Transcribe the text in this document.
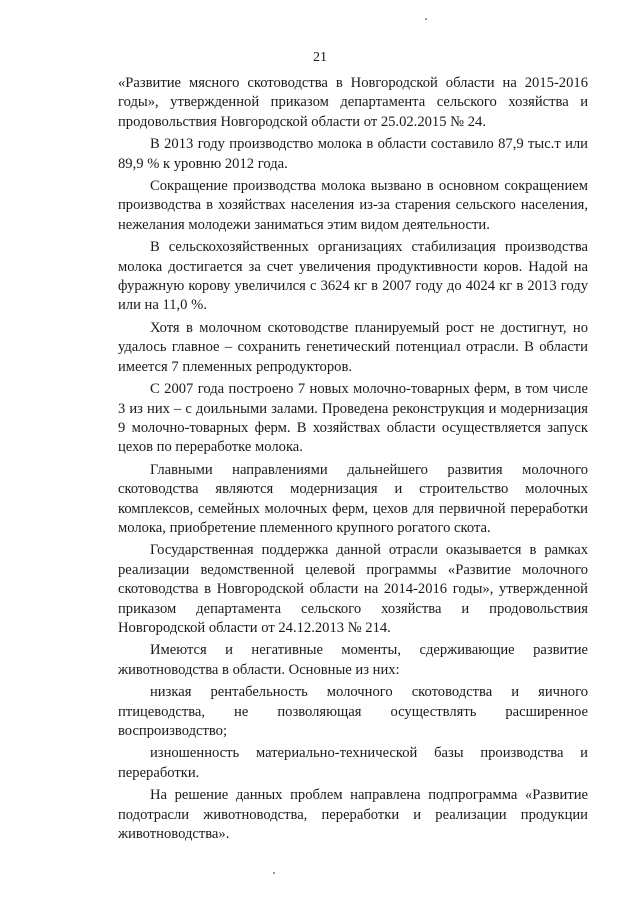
21

«Развитие мясного скотоводства в Новгородской области на 2015-2016 годы», утвержденной приказом департамента сельского хозяйства и продовольствия Новгородской области от 25.02.2015 № 24.

В 2013 году производство молока в области составило 87,9 тыс.т или 89,9 % к уровню 2012 года.

Сокращение производства молока вызвано в основном сокращением производства в хозяйствах населения из-за старения сельского населения, нежелания молодежи заниматься этим видом деятельности.

В сельскохозяйственных организациях стабилизация производства молока достигается за счет увеличения продуктивности коров. Надой на фуражную корову увеличился с 3624 кг в 2007 году до 4024 кг в 2013 году или на 11,0 %.

Хотя в молочном скотоводстве планируемый рост не достигнут, но удалось главное – сохранить генетический потенциал отрасли. В области имеется 7 племенных репродукторов.

С 2007 года построено 7 новых молочно-товарных ферм, в том числе 3 из них – с доильными залами. Проведена реконструкция и модернизация 9 молочно-товарных ферм. В хозяйствах области осуществляется запуск цехов по переработке молока.

Главными направлениями дальнейшего развития молочного скотоводства являются модернизация и строительство молочных комплексов, семейных молочных ферм, цехов для первичной переработки молока, приобретение племенного крупного рогатого скота.

Государственная поддержка данной отрасли оказывается в рамках реализации ведомственной целевой программы «Развитие молочного скотоводства в Новгородской области на 2014-2016 годы», утвержденной приказом департамента сельского хозяйства и продовольствия Новгородской области от 24.12.2013 № 214.

Имеются и негативные моменты, сдерживающие развитие животноводства в области. Основные из них:

низкая рентабельность молочного скотоводства и яичного птицеводства, не позволяющая осуществлять расширенное воспроизводство;

изношенность материально-технической базы производства и переработки.

На решение данных проблем направлена подпрограмма «Развитие подотрасли животноводства, переработки и реализации продукции животноводства».
